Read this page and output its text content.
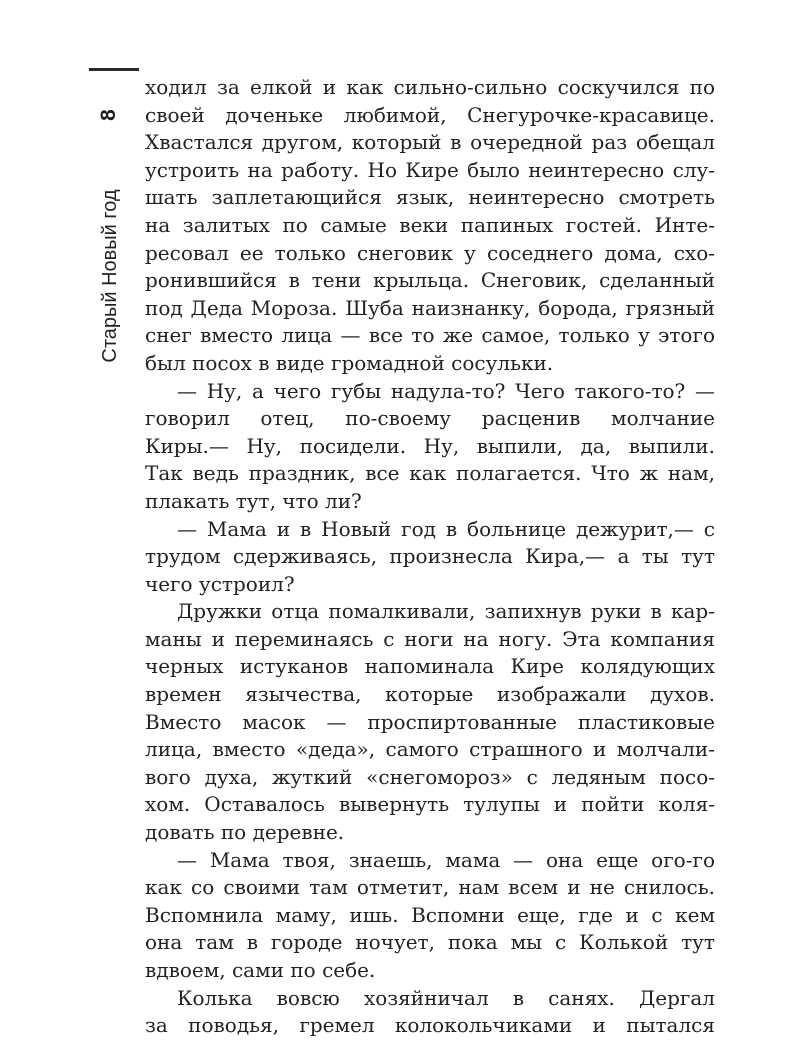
8
Старый Новый год
ходил за елкой и как сильно-сильно соскучился по
своей доченьке любимой, Снегурочке-красавице.
Хвастался другом, который в очередной раз обещал
устроить на работу. Но Кире было неинтересно слу-
шать заплетающийся язык, неинтересно смотреть
на залитых по самые веки папиных гостей. Инте-
ресовал ее только снеговик у соседнего дома, схо-
ронившийся в тени крыльца. Снеговик, сделанный
под Деда Мороза. Шуба наизнанку, борода, грязный
снег вместо лица — все то же самое, только у этого
был посох в виде громадной сосульки.
— Ну, а чего губы надула-то? Чего такого-то? —
говорил отец, по-своему расценив молчание
Киры.— Ну, посидели. Ну, выпили, да, выпили.
Так ведь праздник, все как полагается. Что ж нам,
плакать тут, что ли?
— Мама и в Новый год в больнице дежурит,— с
трудом сдерживаясь, произнесла Кира,— а ты тут
чего устроил?
Дружки отца помалкивали, запихнув руки в кар-
маны и переминаясь с ноги на ногу. Эта компания
черных истуканов напоминала Кире колядующих
времен язычества, которые изображали духов.
Вместо масок — проспиртованные пластиковые
лица, вместо «деда», самого страшного и молчали-
вого духа, жуткий «снегомороз» с ледяным посо-
хом. Оставалось вывернуть тулупы и пойти коля-
довать по деревне.
— Мама твоя, знаешь, мама — она еще ого-го
как со своими там отметит, нам всем и не снилось.
Вспомнила маму, ишь. Вспомни еще, где и с кем
она там в городе ночует, пока мы с Колькой тут
вдвоем, сами по себе.
Колька вовсю хозяйничал в санях. Дергал
за поводья, гремел колокольчиками и пытался
